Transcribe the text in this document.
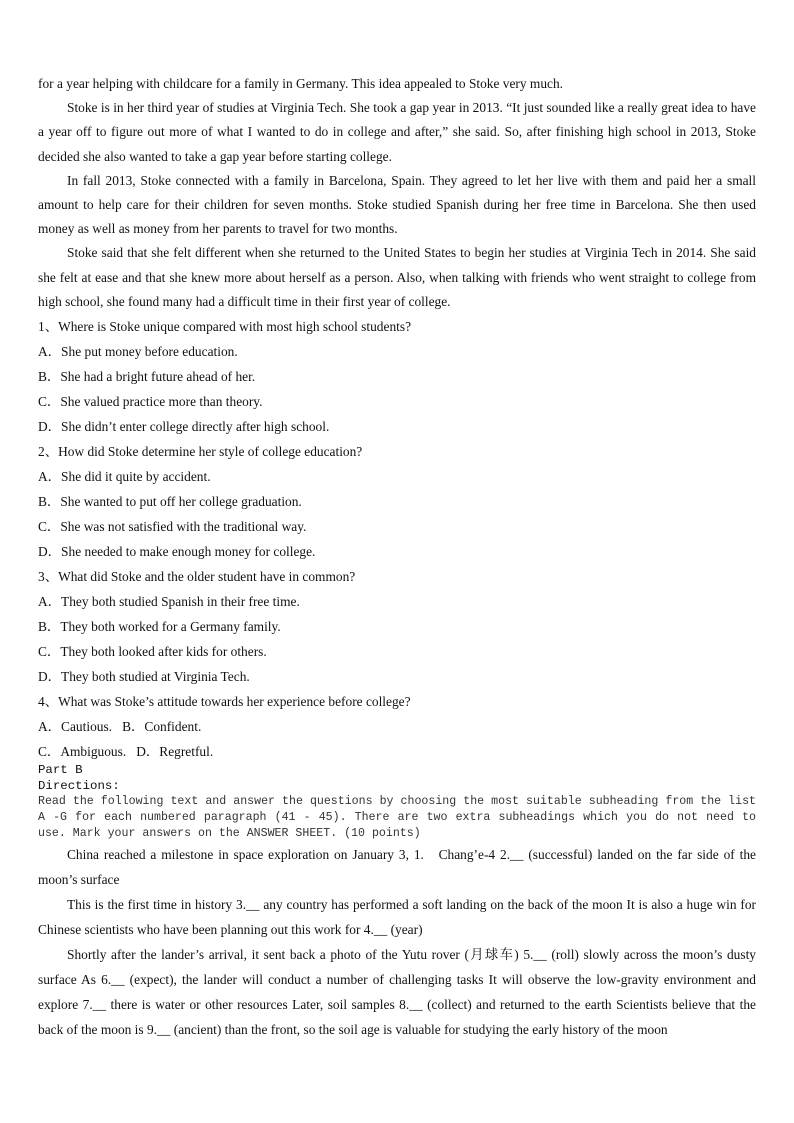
for a year helping with childcare for a family in Germany. This idea appealed to Stoke very much.

Stoke is in her third year of studies at Virginia Tech. She took a gap year in 2013. “It just sounded like a really great idea to have a year off to figure out more of what I wanted to do in college and after,” she said. So, after finishing high school in 2013, Stoke decided she also wanted to take a gap year before starting college.

In fall 2013, Stoke connected with a family in Barcelona, Spain. They agreed to let her live with them and paid her a small amount to help care for their children for seven months. Stoke studied Spanish during her free time in Barcelona. She then used money as well as money from her parents to travel for two months.

Stoke said that she felt different when she returned to the United States to begin her studies at Virginia Tech in 2014. She said she felt at ease and that she knew more about herself as a person. Also, when talking with friends who went straight to college from high school, she found many had a difficult time in their first year of college.

1、Where is Stoke unique compared with most high school students?

A．She put money before education.

B．She had a bright future ahead of her.

C．She valued practice more than theory.

D．She didn’t enter college directly after high school.

2、How did Stoke determine her style of college education?

A．She did it quite by accident.

B．She wanted to put off her college graduation.

C．She was not satisfied with the traditional way.

D．She needed to make enough money for college.

3、What did Stoke and the older student have in common?

A．They both studied Spanish in their free time.

B．They both worked for a Germany family.

C．They both looked after kids for others.

D．They both studied at Virginia Tech.

4、What was Stoke’s attitude towards her experience before college?

A．Cautious.   B．Confident.

C．Ambiguous.   D．Regretful.

Part B

Directions:

Read the following text and answer the questions by choosing the most suitable subheading from the list A -G for each numbered paragraph (41 - 45). There are two extra subheadings which you do not need to use. Mark your answers on the ANSWER SHEET. (10 points)

China reached a milestone in space exploration on January 3, 1.   Chang’e-4 2.__ (successful) landed on the far side of the moon’s surface

This is the first time in history 3.__ any country has performed a soft landing on the back of the moon It is also a huge win for Chinese scientists who have been planning out this work for 4.__ (year)

Shortly after the lander’s arrival, it sent back a photo of the Yutu rover (月球车) 5.__ (roll) slowly across the moon’s dusty surface As 6.__ (expect), the lander will conduct a number of challenging tasks It will observe the low-gravity environment and explore 7.__ there is water or other resources Later, soil samples 8.__ (collect) and returned to the earth Scientists believe that the back of the moon is 9.__ (ancient) than the front, so the soil age is valuable for studying the early history of the moon
